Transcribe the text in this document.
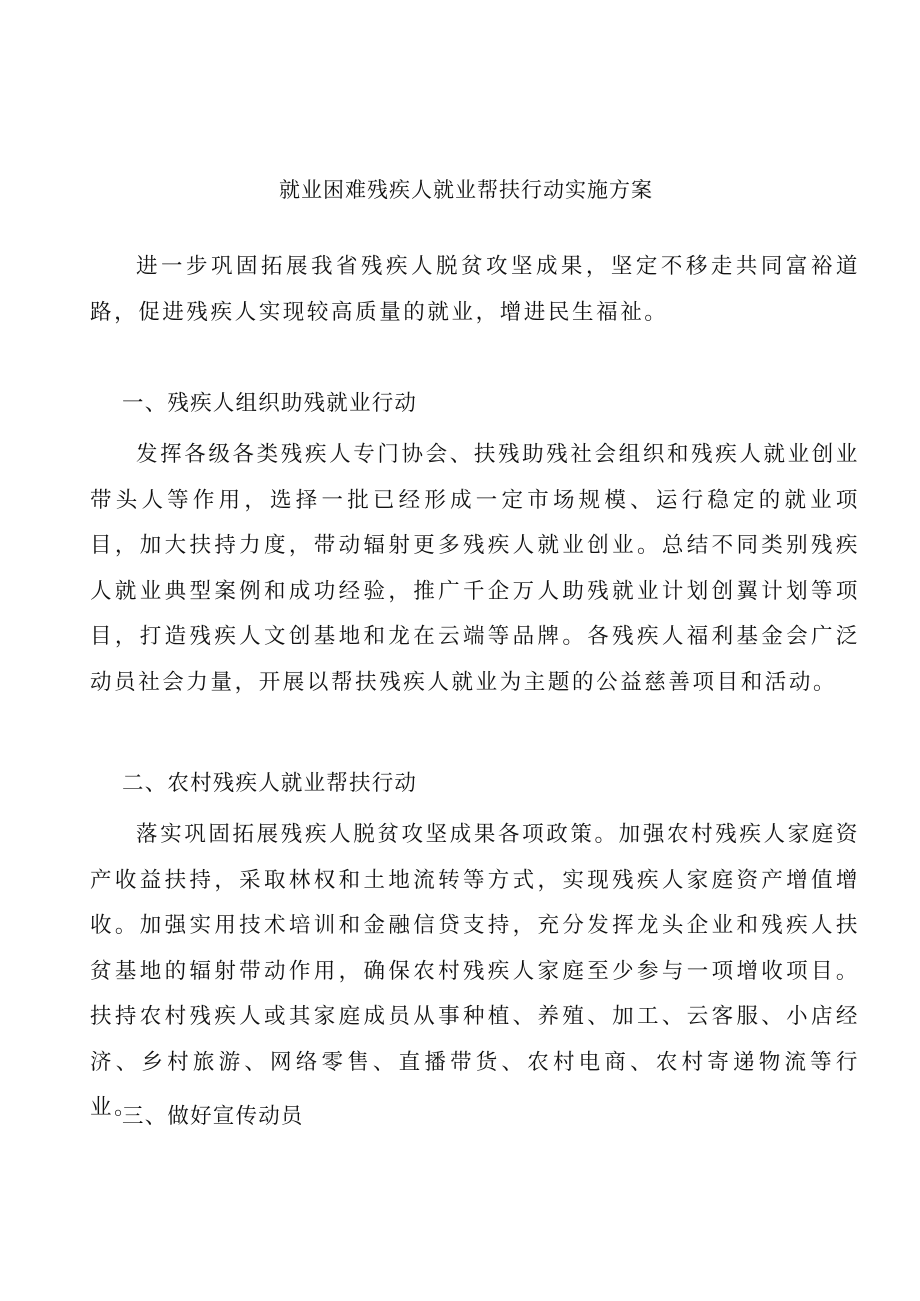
就业困难残疾人就业帮扶行动实施方案

进一步巩固拓展我省残疾人脱贫攻坚成果，坚定不移走共同富裕道路，促进残疾人实现较高质量的就业，增进民生福祉。

一、残疾人组织助残就业行动

发挥各级各类残疾人专门协会、扶残助残社会组织和残疾人就业创业带头人等作用，选择一批已经形成一定市场规模、运行稳定的就业项目，加大扶持力度，带动辐射更多残疾人就业创业。总结不同类别残疾人就业典型案例和成功经验，推广千企万人助残就业计划创翼计划等项目，打造残疾人文创基地和龙在云端等品牌。各残疾人福利基金会广泛动员社会力量，开展以帮扶残疾人就业为主题的公益慈善项目和活动。

二、农村残疾人就业帮扶行动

落实巩固拓展残疾人脱贫攻坚成果各项政策。加强农村残疾人家庭资产收益扶持，采取林权和土地流转等方式，实现残疾人家庭资产增值增收。加强实用技术培训和金融信贷支持，充分发挥龙头企业和残疾人扶贫基地的辐射带动作用，确保农村残疾人家庭至少参与一项增收项目。扶持农村残疾人或其家庭成员从事种植、养殖、加工、云客服、小店经济、乡村旅游、网络零售、直播带货、农村电商、农村寄递物流等行业。

三、做好宣传动员
